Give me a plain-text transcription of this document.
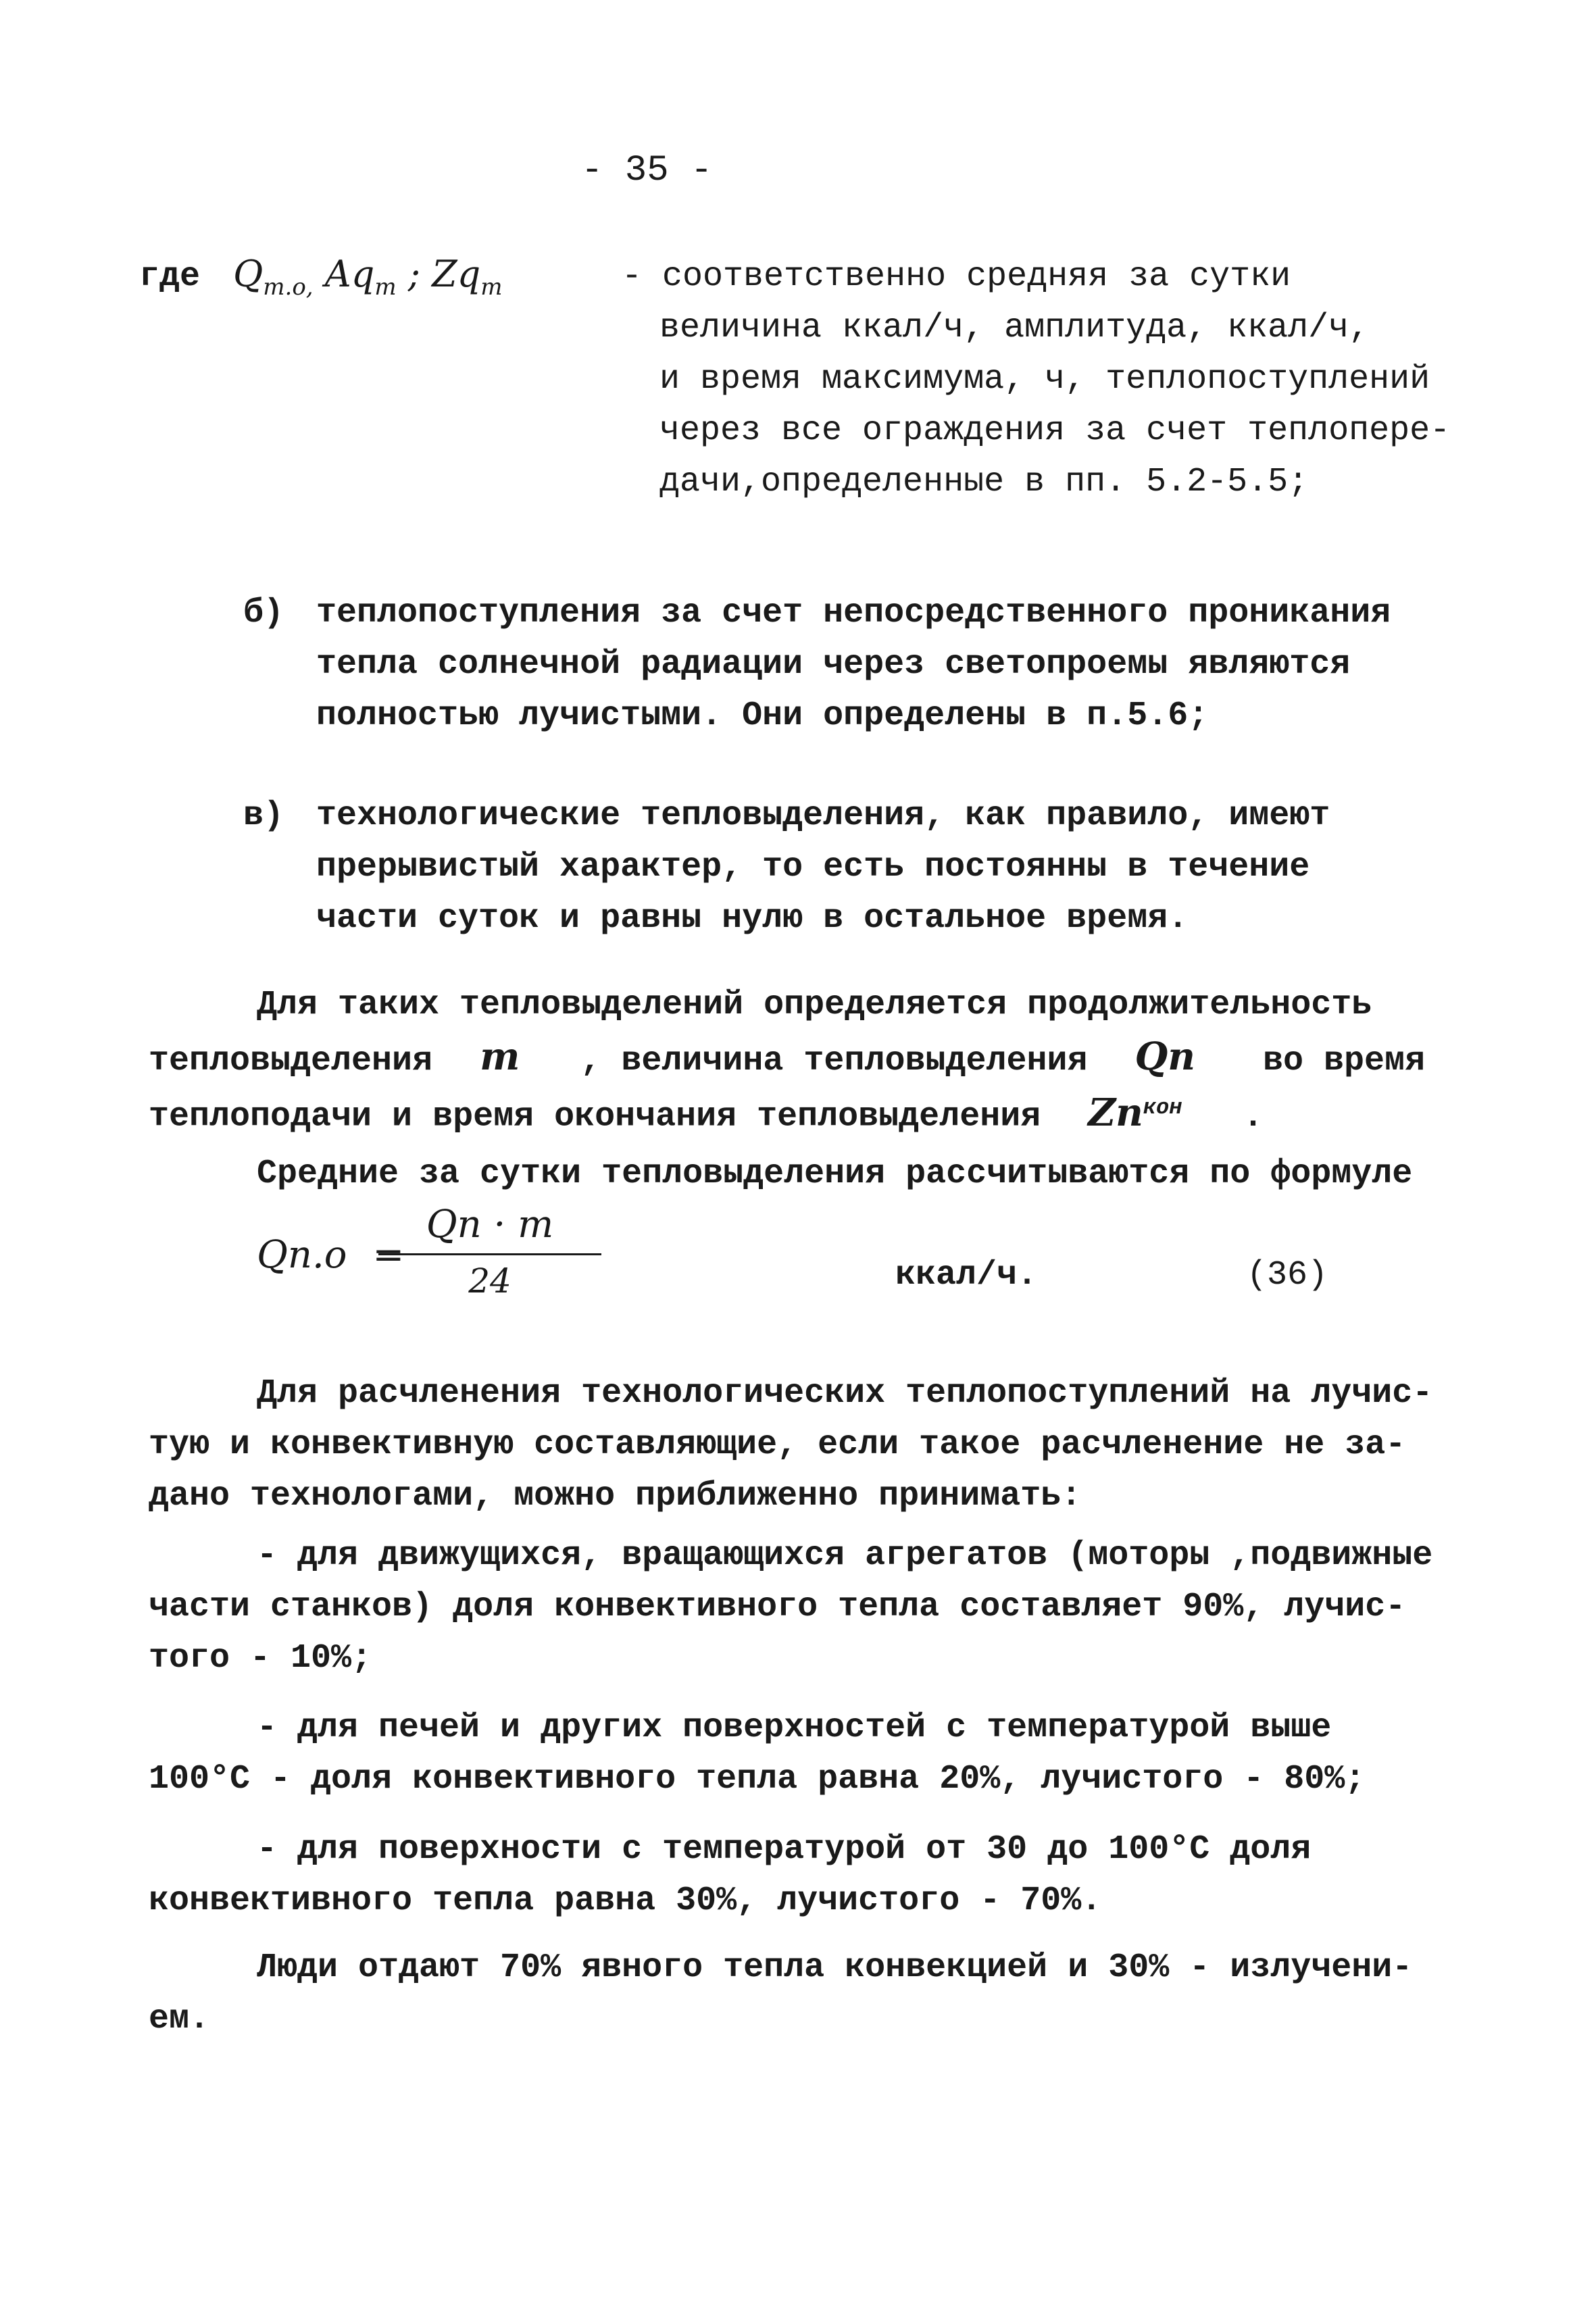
- 35 -
где $Q_{т.о,}$ $Aq_т$ ; $Zq_т$	- соответственно средняя за сутки
величина ккал/ч, амплитуда, ккал/ч,
и время максимума, ч, теплопоступлений
через все ограждения за счет теплопере-
дачи,определенные в пп. 5.2-5.5;
б) теплопоступления за счет непосредственного проникания
тепла солнечной радиации через светопроемы являются
полностью лучистыми. Они определены в п.5.6;
в) технологические тепловыделения, как правило, имеют
прерывистый характер, то есть постоянны в течение
части суток и равны нулю в остальное время.
Для таких тепловыделений определяется продолжительность
тепловыделения m , величина тепловыделения Qп во время
теплоподачи и время окончания тепловыделения $Zп^{кон}$ .
Средние за сутки тепловыделения рассчитываются по формуле
Qп.о =
Qп · m
24	ккал/ч.	(36)
Для расчленения технологических теплопоступлений на лучис-
тую и конвективную составляющие, если такое расчленение не за-
дано технологами, можно приближенно принимать:
- для движущихся, вращающихся агрегатов (моторы ,подвижные
части станков) доля конвективного тепла составляет 90%, лучис-
того - 10%;
- для печей и других поверхностей с температурой выше
100°С - доля конвективного тепла равна 20%, лучистого - 80%;
- для поверхности с температурой от 30 до 100°С доля
конвективного тепла равна 30%, лучистого - 70%.
Люди отдают 70% явного тепла конвекцией и 30% - излучени-
ем.
